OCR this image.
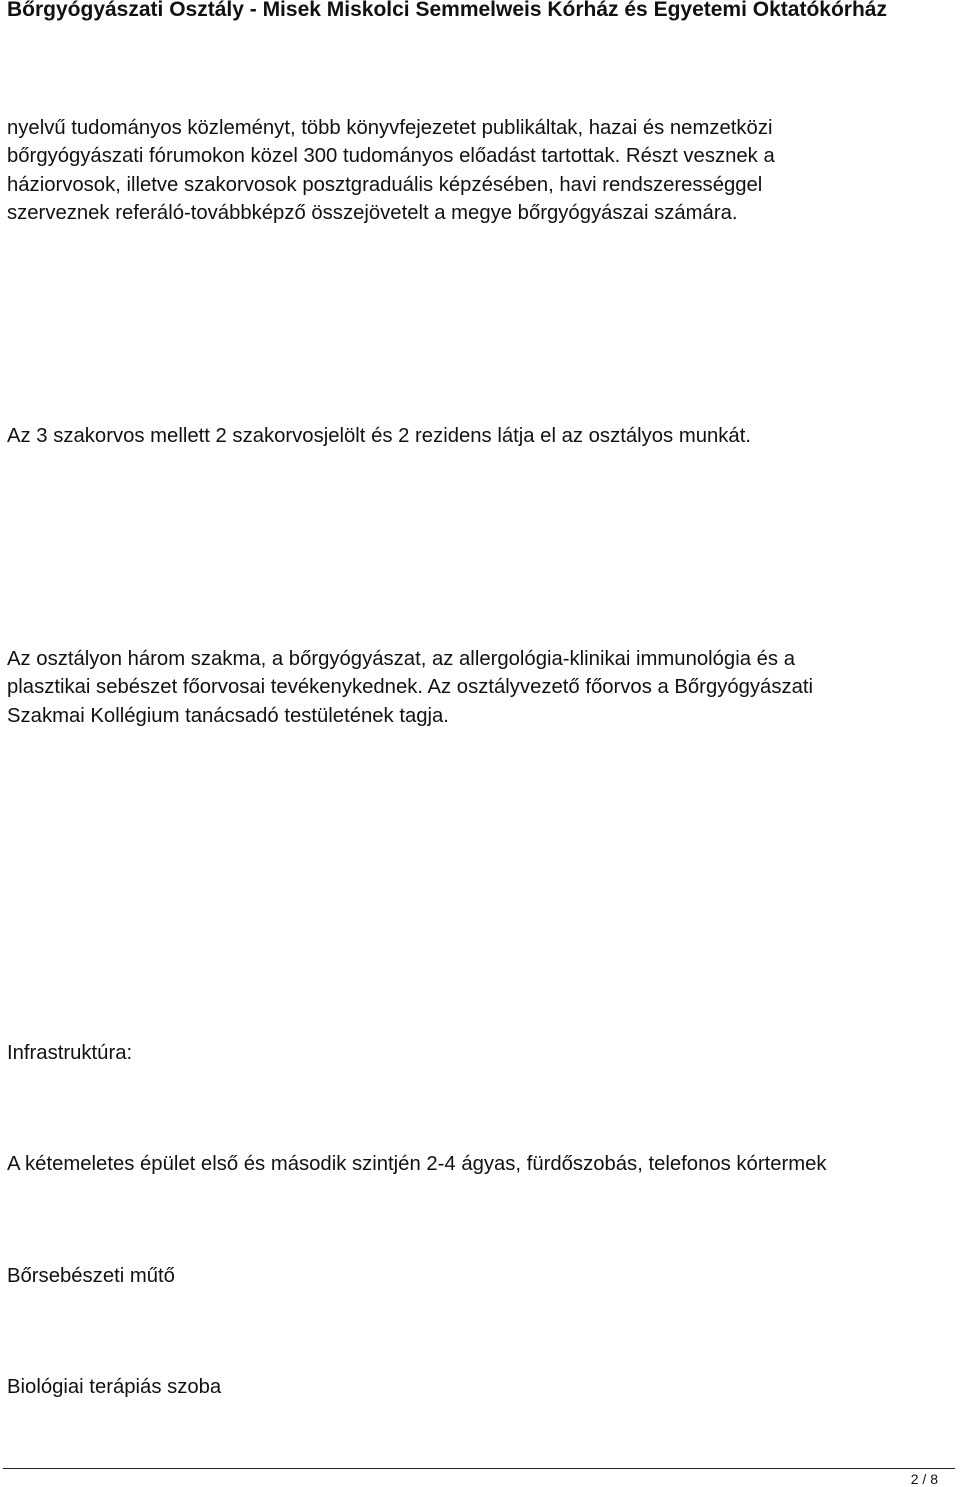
Bőrgyógyászati Osztály - Misek Miskolci Semmelweis Kórház és Egyetemi Oktatókórház
nyelvű tudományos közleményt, több könyvfejezetet publikáltak, hazai és nemzetközi
bőrgyógyászati fórumokon közel 300 tudományos előadást tartottak. Részt vesznek a
háziorvosok, illetve szakorvosok posztgraduális képzésében, havi rendszerességgel
szerveznek referáló-továbbképző összejövetelt a megye bőrgyógyászai számára.
Az 3 szakorvos mellett 2 szakorvosjelölt és 2 rezidens látja el az osztályos munkát.
Az osztályon három szakma, a bőrgyógyászat, az allergológia-klinikai immunológia és a
plasztikai sebészet főorvosai tevékenykednek. Az osztályvezető főorvos a Bőrgyógyászati
Szakmai Kollégium tanácsadó testületének tagja.
Infrastruktúra:
A kétemeletes épület első és második szintjén 2-4 ágyas, fürdőszobás, telefonos kórtermek
Bőrsebészeti műtő
Biológiai terápiás szoba
2 / 8
